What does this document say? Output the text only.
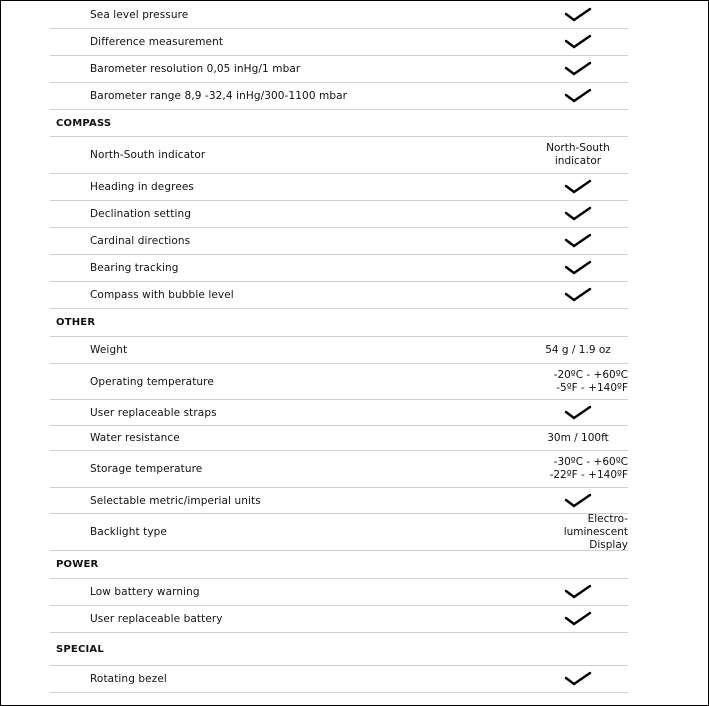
Sea level pressure
Difference measurement
Barometer resolution 0,05 inHg/1 mbar
Barometer range 8,9 -32,4 inHg/300-1100 mbar
COMPASS
North-South indicator
North-South
indicator
Heading in degrees
Declination setting
Cardinal directions
Bearing tracking
Compass with bubble level
OTHER
Weight	54 g / 1.9 oz
Operating temperature
-20ºC - +60ºC
-5ºF - +140ºF
User replaceable straps
Water resistance	30m / 100ft
Storage temperature
-30ºC - +60ºC
-22ºF - +140ºF
Selectable metric/imperial units
Backlight type
Electro-luminescent
Display
POWER
Low battery warning
User replaceable battery
SPECIAL
Rotating bezel
